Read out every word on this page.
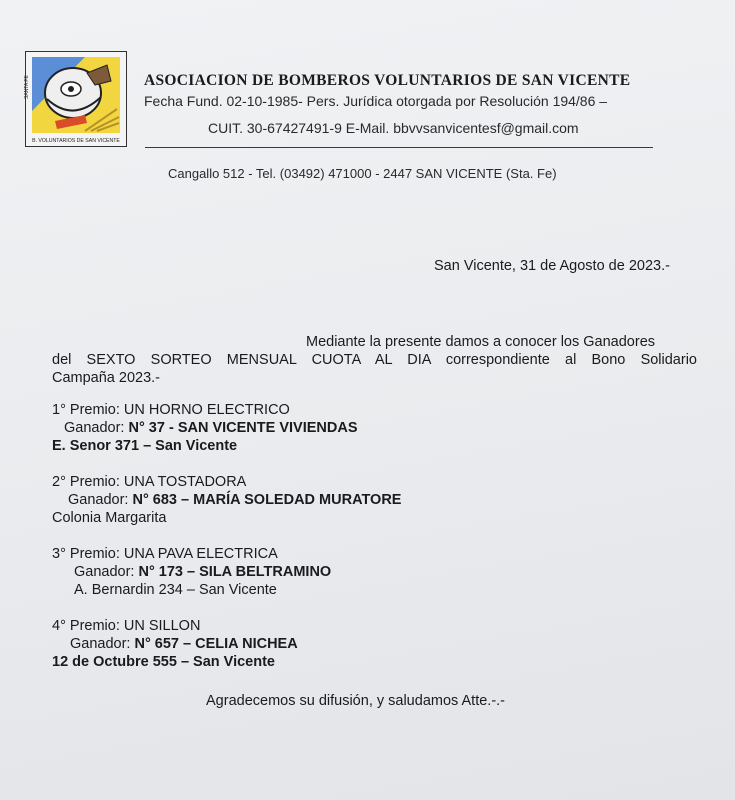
SANTA FE
B. VOLUNTARIOS DE SAN VICENTE
ASOCIACION DE BOMBEROS VOLUNTARIOS DE SAN VICENTE
Fecha Fund. 02-10-1985- Pers. Jurídica otorgada por Resolución 194/86 –
CUIT. 30-67427491-9 E-Mail. bbvvsanvicentesf@gmail.com
Cangallo 512 - Tel. (03492) 471000 - 2447 SAN VICENTE (Sta. Fe)
San Vicente, 31 de Agosto de 2023.-
Mediante la presente damos a conocer los Ganadores
del SEXTO SORTEO MENSUAL CUOTA AL DIA correspondiente al Bono Solidario
Campaña 2023.-
1° Premio: UN HORNO ELECTRICO
Ganador: N° 37 - SAN VICENTE VIVIENDAS
E. Senor 371 – San Vicente
2° Premio: UNA TOSTADORA
Ganador: N° 683 – MARÍA SOLEDAD MURATORE
Colonia Margarita
3° Premio: UNA PAVA ELECTRICA
Ganador: N° 173 – SILA BELTRAMINO
A. Bernardin 234 – San Vicente
4° Premio: UN SILLON
Ganador: N° 657 – CELIA NICHEA
12 de Octubre 555 – San Vicente
Agradecemos su difusión, y saludamos Atte.-.-
